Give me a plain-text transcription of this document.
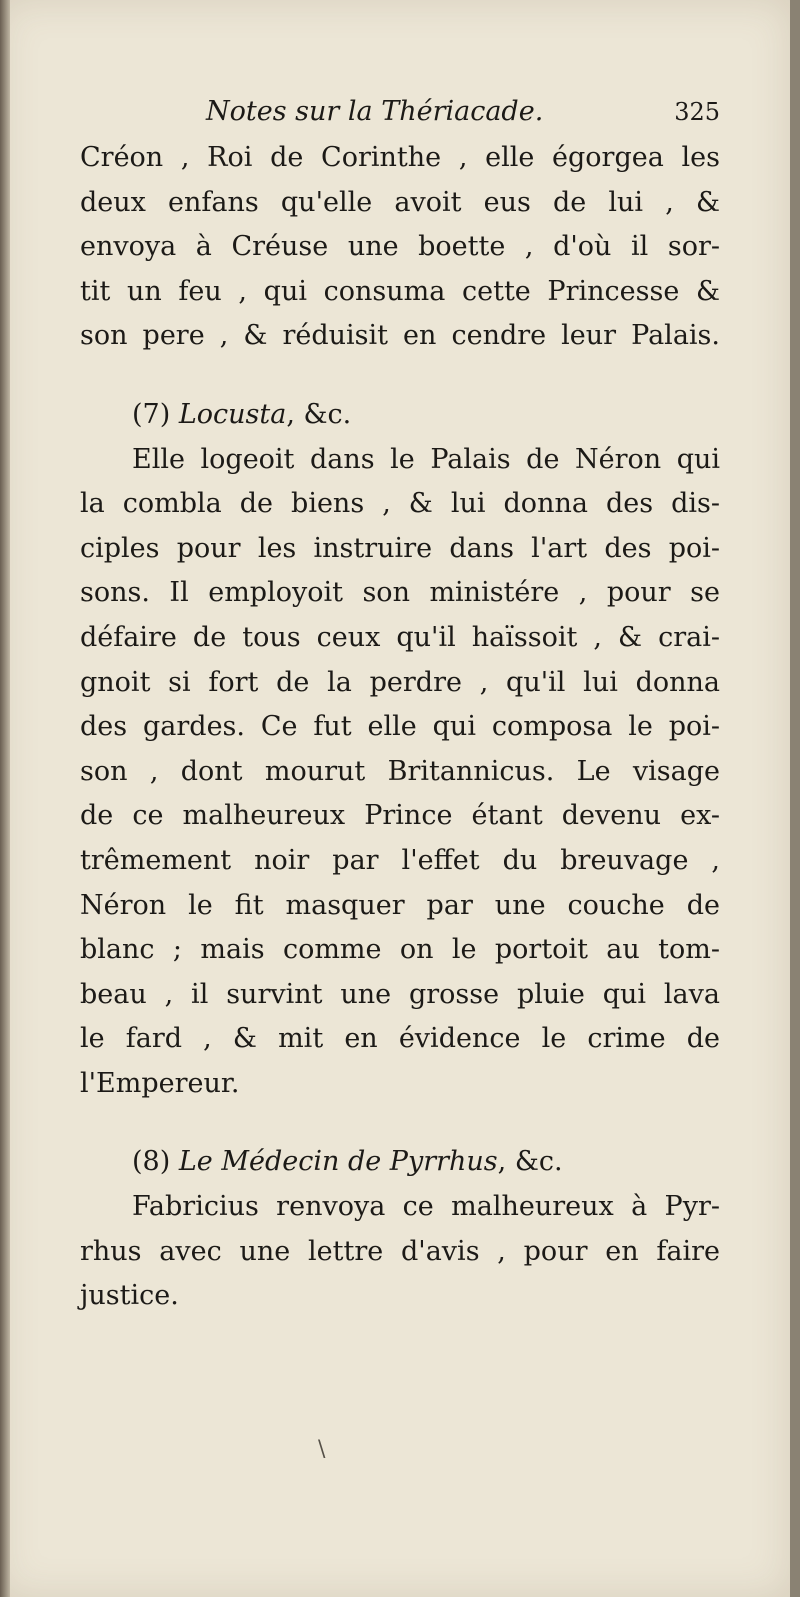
Notes sur la Thériacade.	325

Créon , Roi de Corinthe , elle égorgea les
deux enfans qu'elle avoit eus de lui , &
envoya à Créuse une boette , d'où il sor-
tit un feu , qui consuma cette Princesse &
son pere , & réduisit en cendre leur Palais.

(7) Locusta, &c.

Elle logeoit dans le Palais de Néron qui
la combla de biens , & lui donna des dis-
ciples pour les instruire dans l'art des poi-
sons. Il employoit son ministére , pour se
défaire de tous ceux qu'il haïssoit , & crai-
gnoit si fort de la perdre , qu'il lui donna
des gardes. Ce fut elle qui composa le poi-
son , dont mourut Britannicus. Le visage
de ce malheureux Prince étant devenu ex-
trêmement noir par l'effet du breuvage ,
Néron le fit masquer par une couche de
blanc ; mais comme on le portoit au tom-
beau , il survint une grosse pluie qui lava
le fard , & mit en évidence le crime de
l'Empereur.

(8) Le Médecin de Pyrrhus, &c.

Fabricius renvoya ce malheureux à Pyr-
rhus avec une lettre d'avis , pour en faire
justice.

\
